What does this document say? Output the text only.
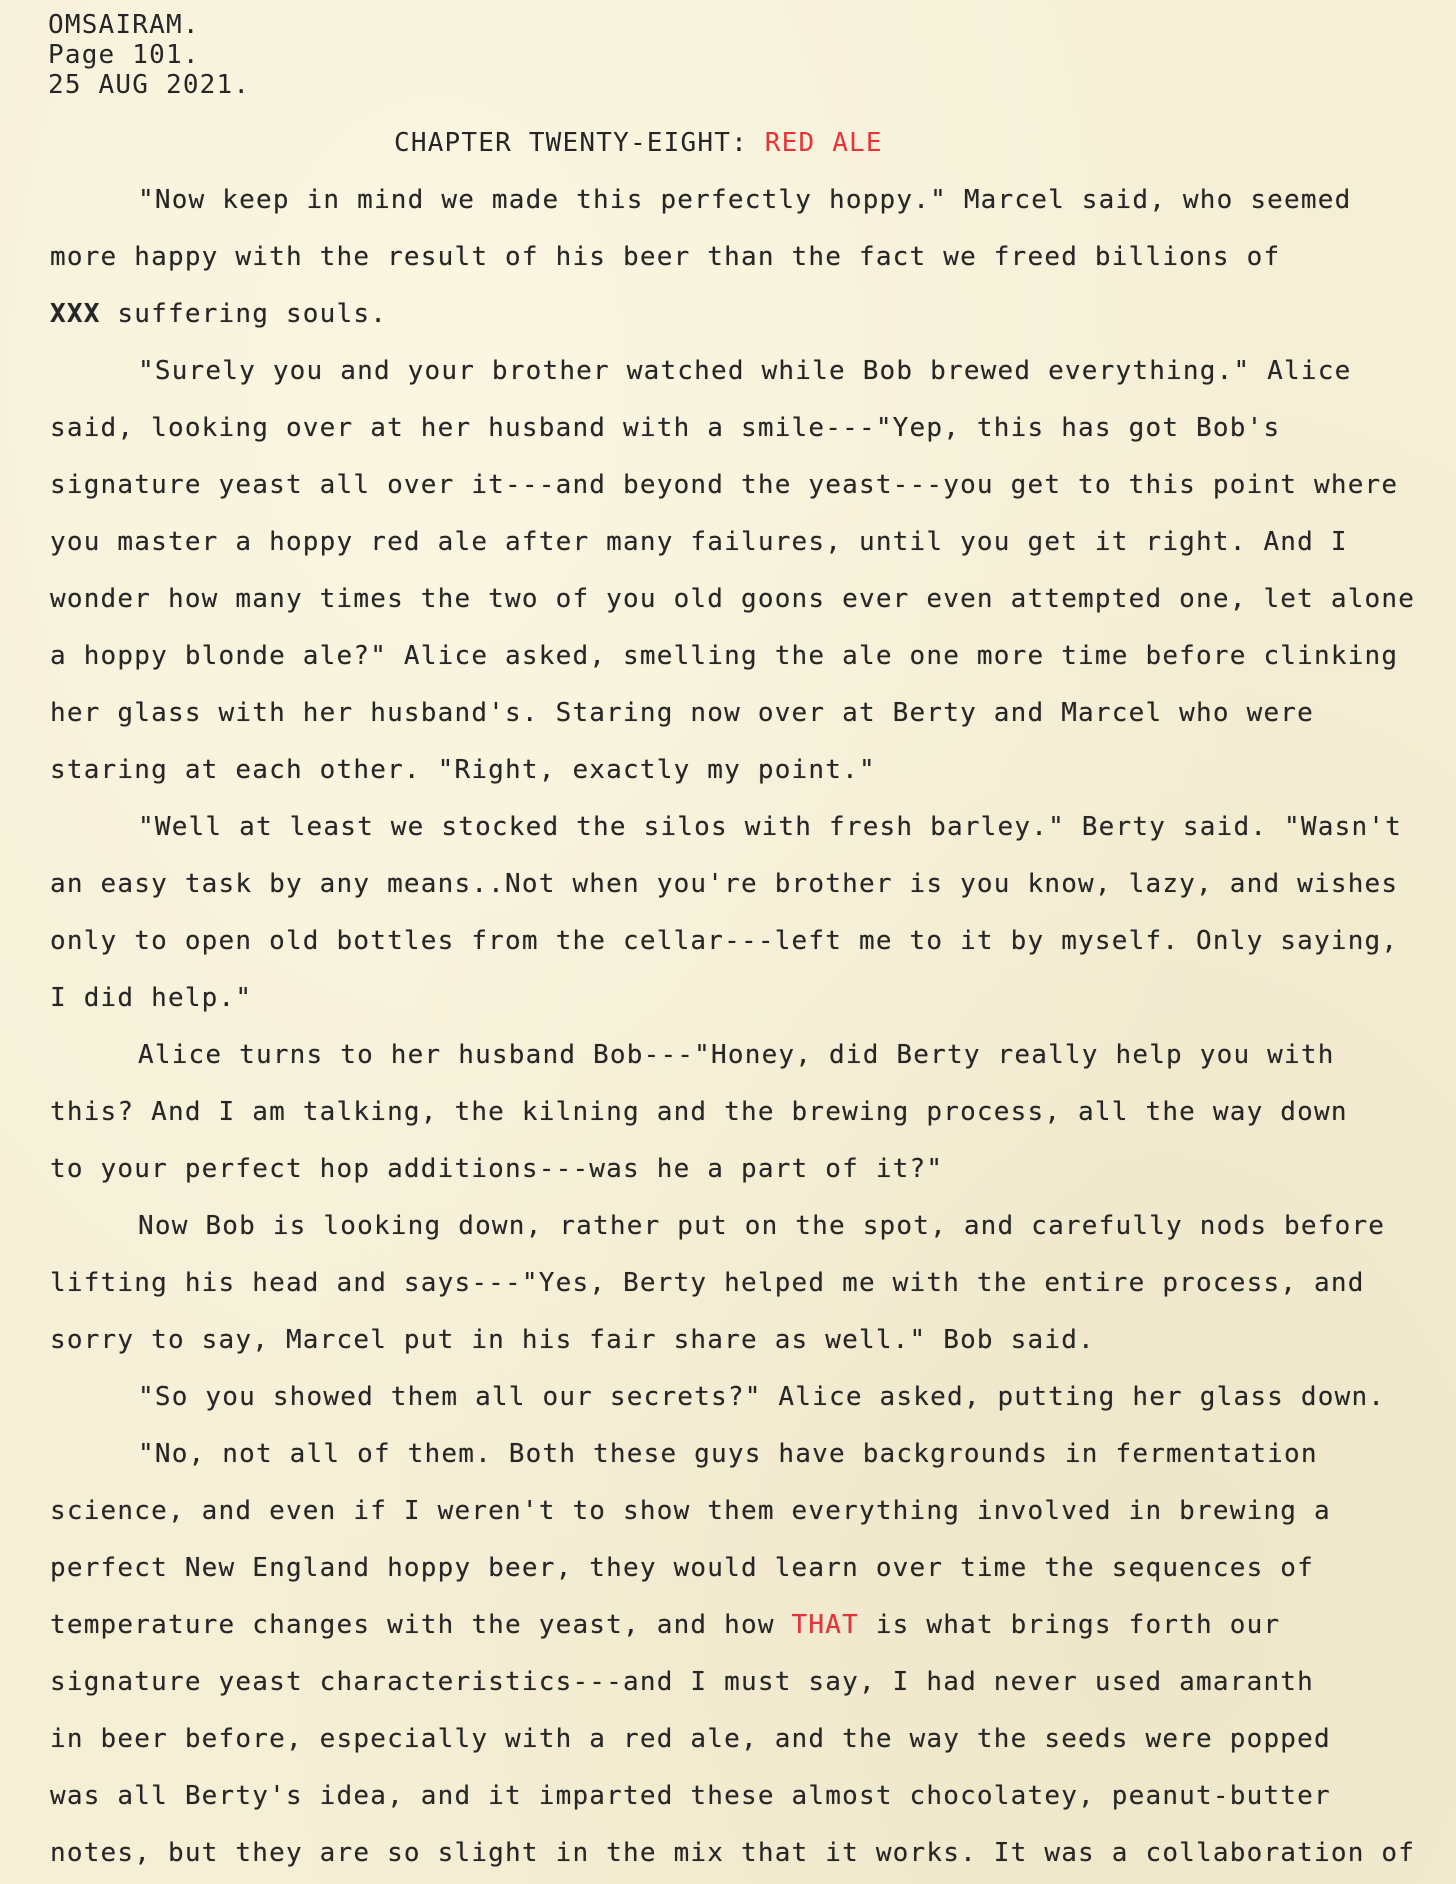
OMSAIRAM.
Page 101.
25 AUG 2021.
CHAPTER TWENTY-EIGHT: RED ALE
"Now keep in mind we made this perfectly hoppy." Marcel said, who seemed
more happy with the result of his beer than the fact we freed billions of
XXX suffering souls.
"Surely you and your brother watched while Bob brewed everything." Alice
said, looking over at her husband with a smile---"Yep, this has got Bob's
signature yeast all over it---and beyond the yeast---you get to this point where
you master a hoppy red ale after many failures, until you get it right. And I
wonder how many times the two of you old goons ever even attempted one, let alone
a hoppy blonde ale?" Alice asked, smelling the ale one more time before clinking
her glass with her husband's. Staring now over at Berty and Marcel who were
staring at each other. "Right, exactly my point."
"Well at least we stocked the silos with fresh barley." Berty said. "Wasn't
an easy task by any means..Not when you're brother is you know, lazy, and wishes
only to open old bottles from the cellar---left me to it by myself. Only saying,
I did help."
Alice turns to her husband Bob---"Honey, did Berty really help you with
this? And I am talking, the kilning and the brewing process, all the way down
to your perfect hop additions---was he a part of it?"
Now Bob is looking down, rather put on the spot, and carefully nods before
lifting his head and says---"Yes, Berty helped me with the entire process, and
sorry to say, Marcel put in his fair share as well." Bob said.
"So you showed them all our secrets?" Alice asked, putting her glass down.
"No, not all of them. Both these guys have backgrounds in fermentation
science, and even if I weren't to show them everything involved in brewing a
perfect New England hoppy beer, they would learn over time the sequences of
temperature changes with the yeast, and how THAT is what brings forth our
signature yeast characteristics---and I must say, I had never used amaranth
in beer before, especially with a red ale, and the way the seeds were popped
was all Berty's idea, and it imparted these almost chocolatey, peanut-butter
notes, but they are so slight in the mix that it works. It was a collaboration of
